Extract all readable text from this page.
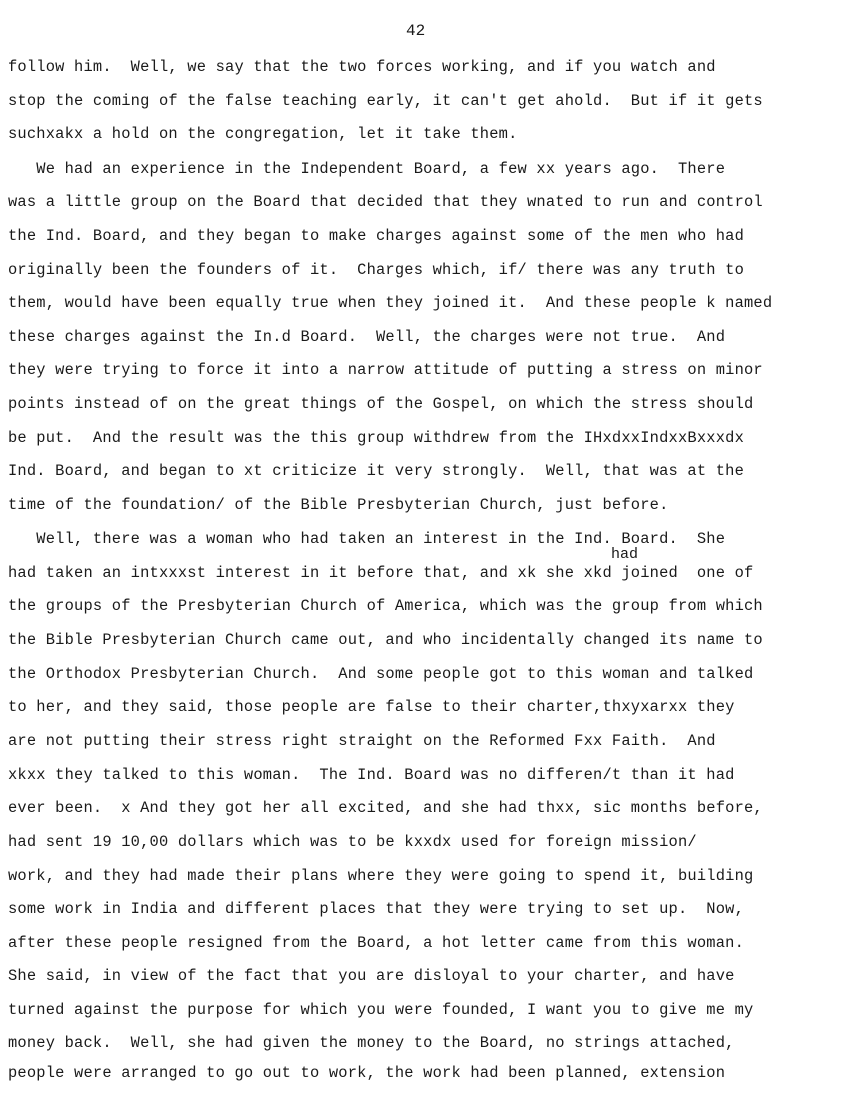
42
had
follow him.  Well, we say that the two forces working, and if you watch and
stop the coming of the false teaching early, it can't get ahold.  But if it gets
suchxakx a hold on the congregation, let it take them.
We had an experience in the Independent Board, a few xx years ago.  There
was a little group on the Board that decided that they wnated to run and control
the Ind. Board, and they began to make charges against some of the men who had
originally been the founders of it.  Charges which, if/ there was any truth to
them, would have been equally true when they joined it.  And these people k named
these charges against the In.d Board.  Well, the charges were not true.  And
they were trying to force it into a narrow attitude of putting a stress on minor
points instead of on the great things of the Gospel, on which the stress should
be put.  And the result was the this group withdrew from the IHxdxxIndxxBxxxdx
Ind. Board, and began to xt criticize it very strongly.  Well, that was at the
time of the foundation/ of the Bible Presbyterian Church, just before.
Well, there was a woman who had taken an interest in the Ind. Board.  She
had taken an intxxxst interest in it before that, and xk she xkd joined  one of
the groups of the Presbyterian Church of America, which was the group from which
the Bible Presbyterian Church came out, and who incidentally changed its name to
the Orthodox Presbyterian Church.  And some people got to this woman and talked
to her, and they said, those people are false to their charter,thxyxarxx they
are not putting their stress right straight on the Reformed Fxx Faith.  And
xkxx they talked to this woman.  The Ind. Board was no differen/t than it had
ever been.  x And they got her all excited, and she had thxx, sic months before,
had sent 19 10,00 dollars which was to be kxxdx used for foreign mission/
work, and they had made their plans where they were going to spend it, building
some work in India and different places that they were trying to set up.  Now,
after these people resigned from the Board, a hot letter came from this woman.
She said, in view of the fact that you are disloyal to your charter, and have
turned against the purpose for which you were founded, I want you to give me my
money back.  Well, she had given the money to the Board, no strings attached,
people were arranged to go out to work, the work had been planned, extension
